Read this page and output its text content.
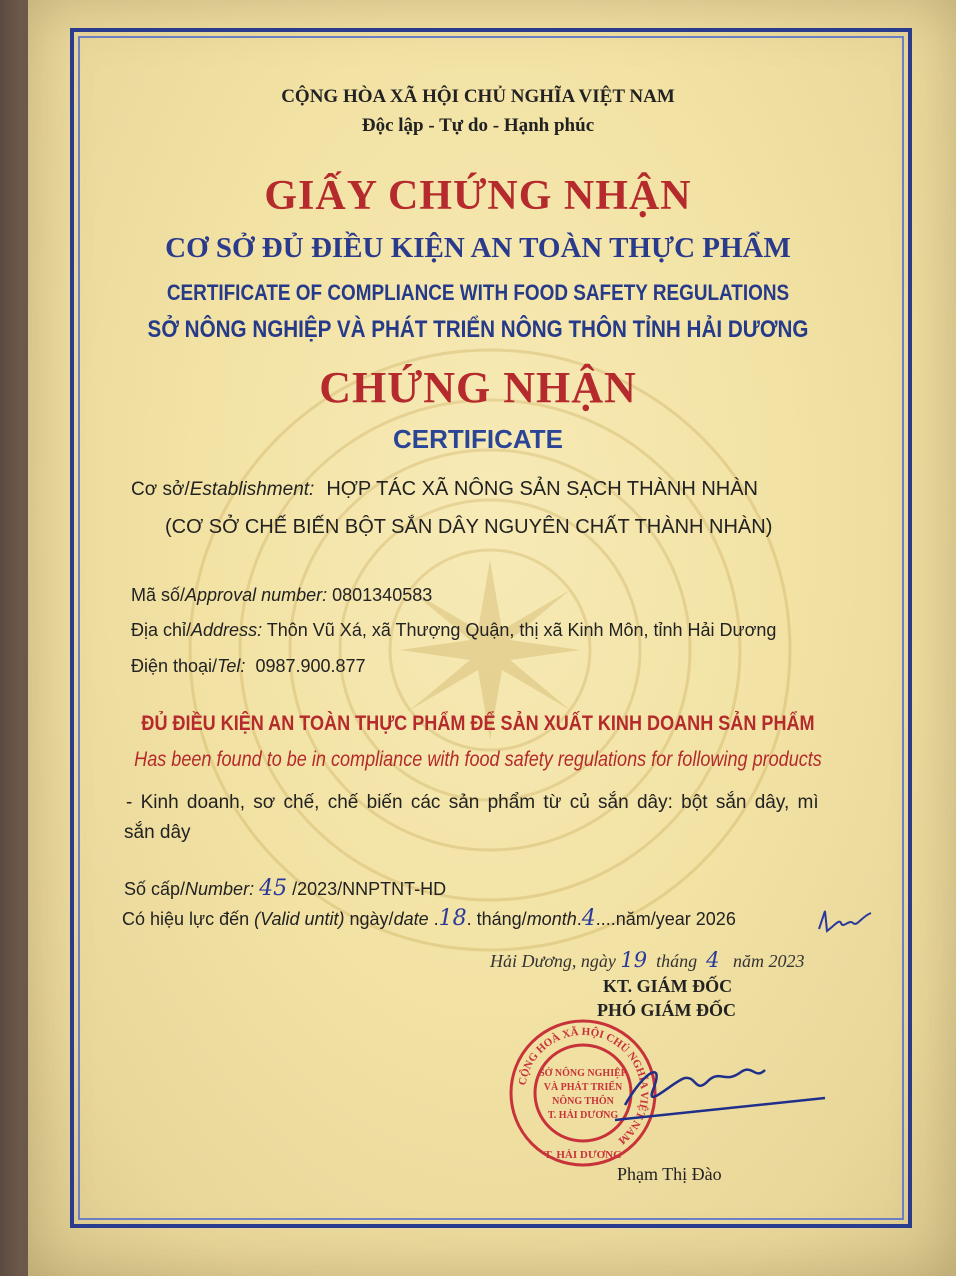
CỘNG HÒA XÃ HỘI CHỦ NGHĨA VIỆT NAM
Độc lập - Tự do - Hạnh phúc
GIẤY CHỨNG NHẬN
CƠ SỞ ĐỦ ĐIỀU KIỆN AN TOÀN THỰC PHẨM
CERTIFICATE OF COMPLIANCE WITH FOOD SAFETY REGULATIONS
SỞ NÔNG NGHIỆP VÀ PHÁT TRIỂN NÔNG THÔN TỈNH HẢI DƯƠNG
CHỨNG NHẬN
CERTIFICATE
Cơ sở/Establishment: HỢP TÁC XÃ NÔNG SẢN SẠCH THÀNH NHÀN
(CƠ SỞ CHẾ BIẾN BỘT SẮN DÂY NGUYÊN CHẤT THÀNH NHÀN)
Mã số/Approval number: 0801340583
Địa chỉ/Address: Thôn Vũ Xá, xã Thượng Quận, thị xã Kinh Môn, tỉnh Hải Dương
Điện thoại/Tel: 0987.900.877
ĐỦ ĐIỀU KIỆN AN TOÀN THỰC PHẨM ĐỂ SẢN XUẤT KINH DOANH SẢN PHẨM
Has been found to be in compliance with food safety regulations for following products
- Kinh doanh, sơ chế, chế biến các sản phẩm từ củ sắn dây: bột sắn dây, mì
sắn dây
Số cấp/Number: 45 /2023/NNPTNT-HD
Có hiệu lực đến (Valid untit) ngày/date .18. tháng/month.4....năm/year 2026
Hải Dương, ngày 19 tháng 4 năm 2023
KT. GIÁM ĐỐC
PHÓ GIÁM ĐỐC
CỘNG HOÀ XÃ HỘI CHỦ NGHĨA VIỆT NAM
SỞ NÔNG NGHIỆP
VÀ PHÁT TRIỂN
NÔNG THÔN
T. HẢI DƯƠNG
T. HẢI DƯƠNG
Phạm Thị Đào
